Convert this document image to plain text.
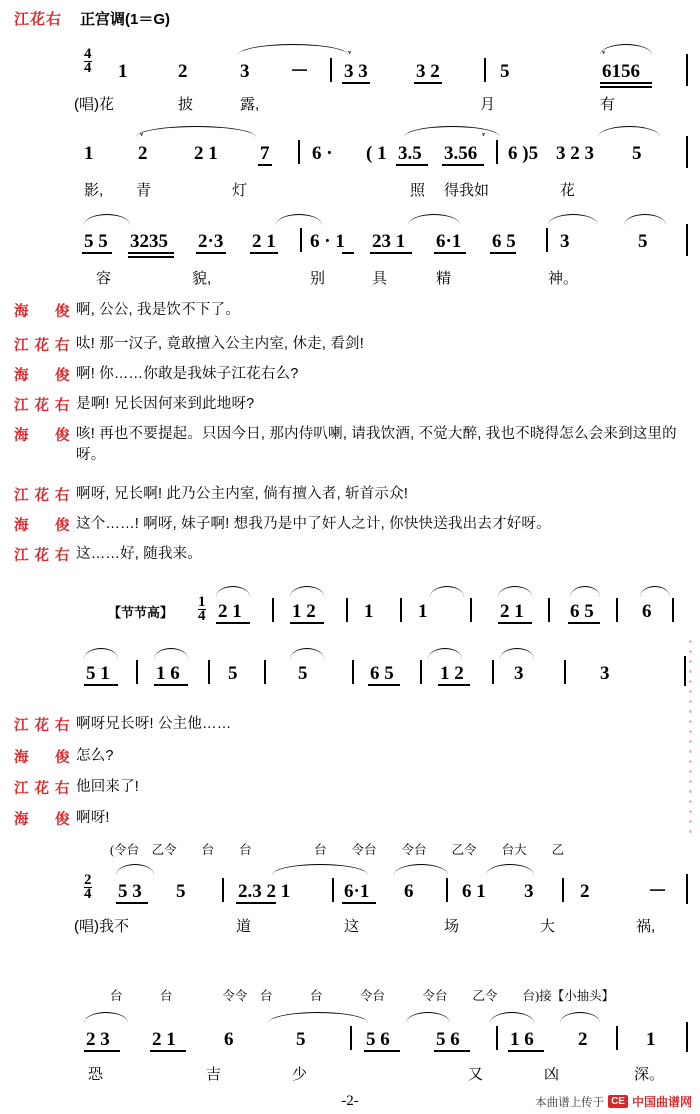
江花右 正宫调(1＝G)
$\frac{4}{4}$	ᵛ	ᵛ
1	2	3 － 3 3	3 2	5	6156
(唱)花	披	露,	月	有
ᵛ	ᵛ
1 2 2 1 7 6 · ( 1 3.5 3.56 6 )5 3 2 3 5
影, 青	灯	照 得我如	花
5 5 3235 2·3 2 1 6 · 1 23 1 6·1 6 5 3	5
容	貌,	别	具	精	神。
海　俊 啊, 公公, 我是饮不下了。
江花右 呔! 那一汉子, 竟敢擅入公主内室, 休走, 看剑!
海　俊 啊! 你……你敢是我妹子江花右么?
江花右 是啊! 兄长因何来到此地呀?
海　俊 咳! 再也不要提起。只因今日, 那内侍叭喇, 请我饮酒, 不觉大醉, 我也不晓得怎么会来到这里的呀。
江花右 啊呀, 兄长啊! 此乃公主内室, 倘有擅入者, 斩首示众!
海　俊 这个……! 啊呀, 妹子啊! 想我乃是中了奸人之计, 你快快送我出去才好呀。
江花右 这……好, 随我来。
【节节高】 $\frac{1}{4} 2$ 1	1 2	1 1	2 1 6 5	6
5 1 1 6	5	5	6 5 1 2	3	3
江花右 啊呀兄长呀! 公主他……
海　俊 怎么?
江花右 他回来了!
海　俊 啊呀!
(令台　乙令　　台　　台　　　　　台　　令台　　令台　　乙令　　台大　　乙
$\frac{2}{4} 5$ 3 5	2.3 2 1	6·1 6	6 1 3 2	－
(唱)我不	道	这	场	大	祸,
台　　　台　　　　令令　台　　　台　　　令台　　　令台　　乙令　　台)接【小抽头】
2 3 2 1	6	5	5 6 5 6	1 6 2	1
恐	吉	少	又	凶	深。
-2-	本曲谱上传于 CE 中国曲谱网
